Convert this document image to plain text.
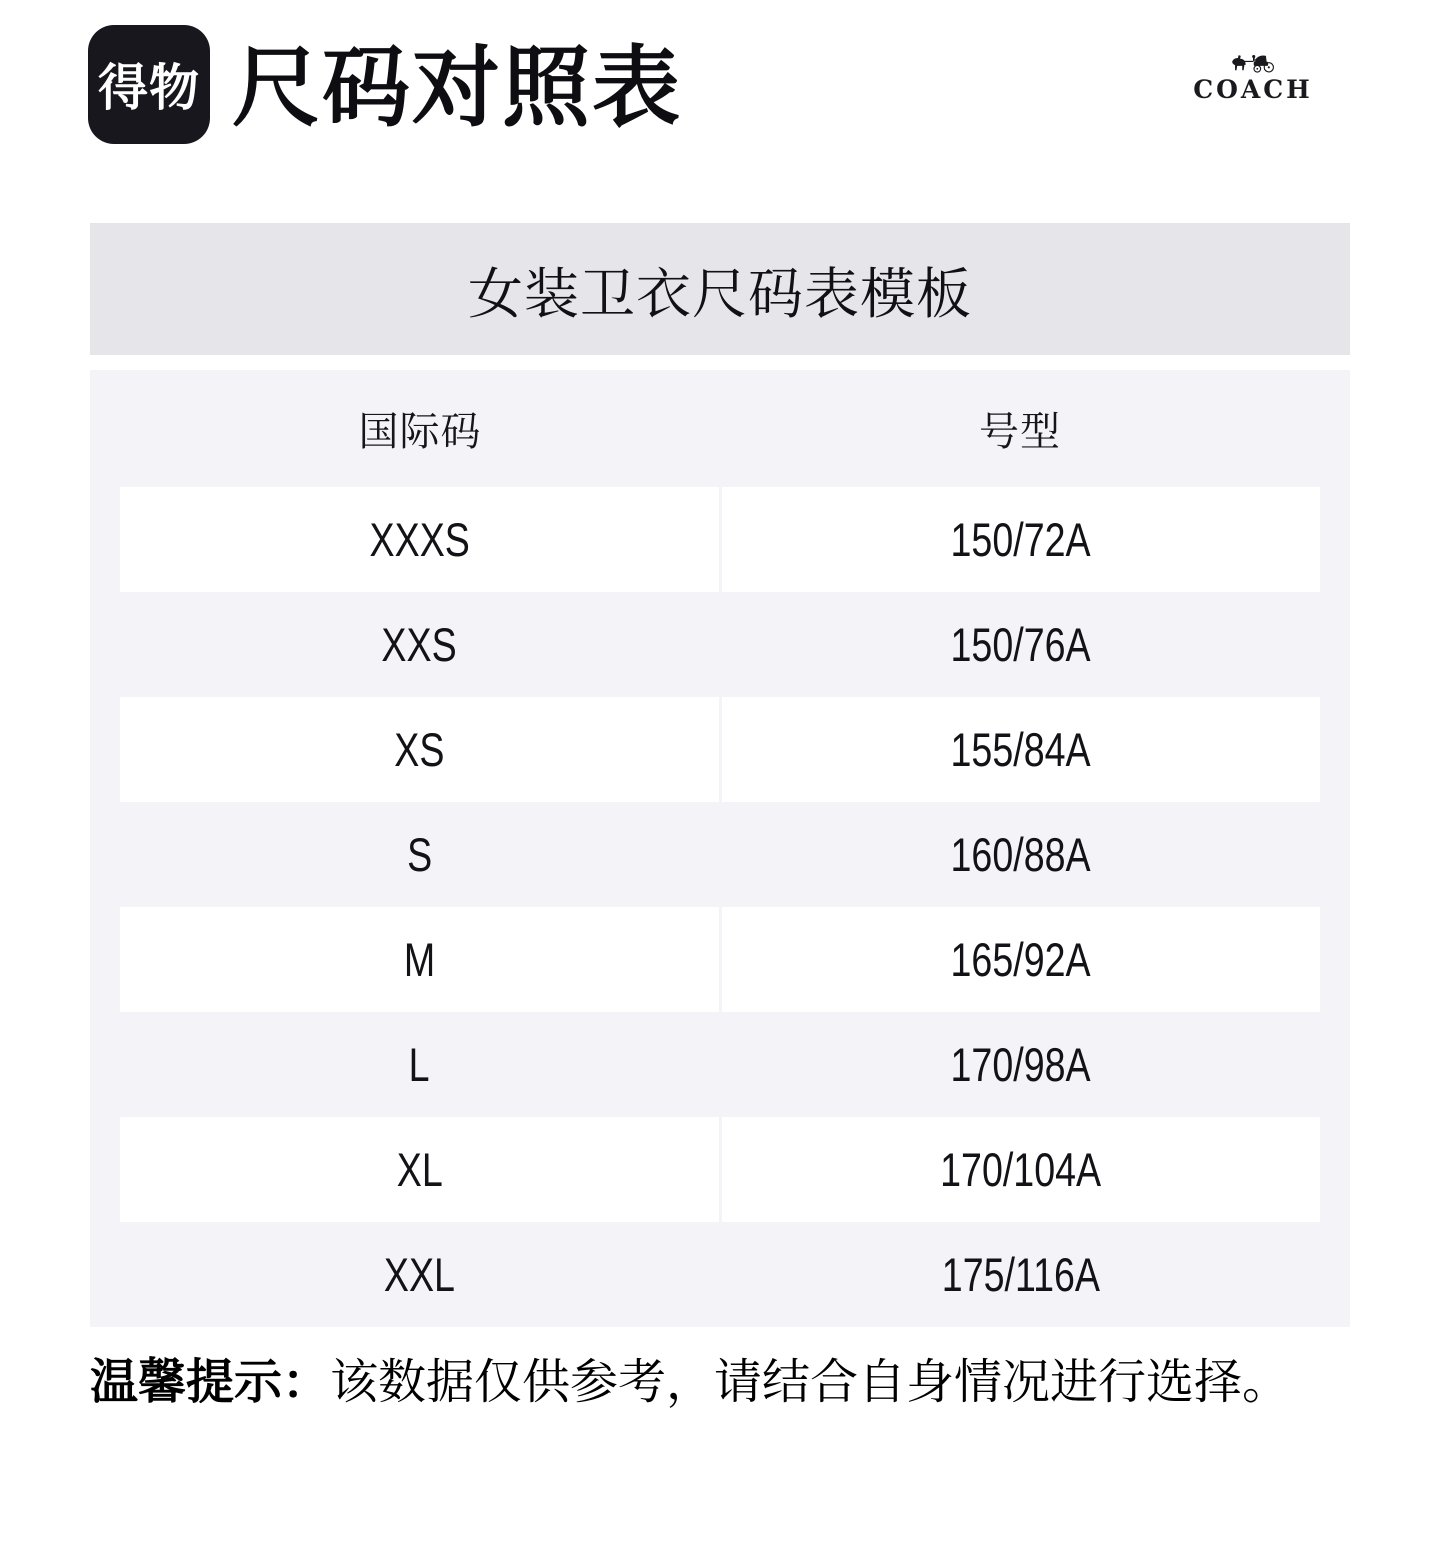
得物 尺码对照表	COACH
女装卫衣尺码表模板
国际码	号型
XXXS	150/72A
XXS	150/76A
XS	155/84A
S	160/88A
M	165/92A
L	170/98A
XL	170/104A
XXL	175/116A

温馨提示：该数据仅供参考，请结合自身情况进行选择。
